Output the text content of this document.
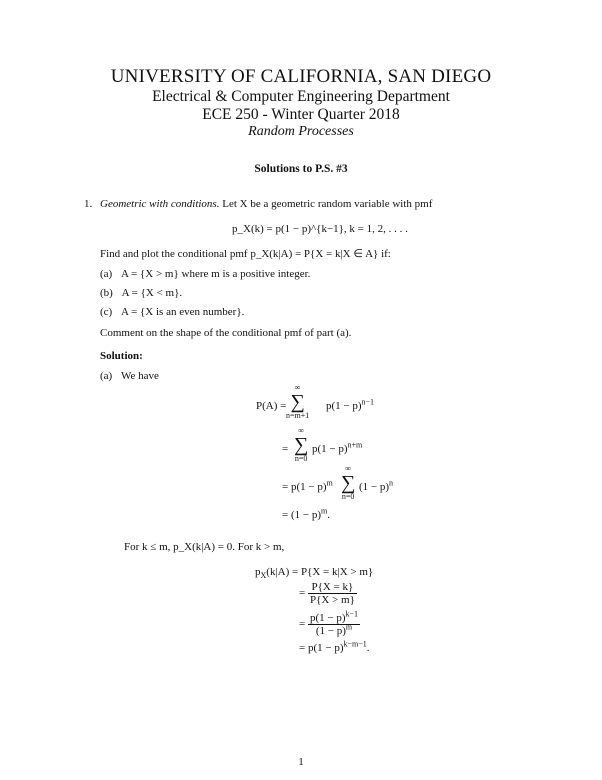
UNIVERSITY OF CALIFORNIA, SAN DIEGO
Electrical & Computer Engineering Department
ECE 250 - Winter Quarter 2018
Random Processes
Solutions to P.S. #3
1. Geometric with conditions. Let X be a geometric random variable with pmf
p_X(k) = p(1 − p)^{k−1}, k = 1, 2, . . . .
Find and plot the conditional pmf p_X(k|A) = P{X = k|X ∈ A} if:
(a) A = {X > m} where m is a positive integer.
(b) A = {X < m}.
(c) A = {X is an even number}.
Comment on the shape of the conditional pmf of part (a).
Solution:
(a) We have
P(A) =
∞
∑
n=m+1
$p(1 - p)^{n-1}$
=
∞
∑
n=0
$p(1 - p)^{n+m}$
= $p(1 - p)^m$
∞
∑
n=0
$(1 - p)^n$
= $(1 - p)^m$.
For k ≤ m, p_X(k|A) = 0. For k > m,
$p_X(k|A) = P\{X = k|X > m\}$
= $\frac{P\{X = k\}}{P\{X > m\}}$
= $\frac{p(1 - p)^{k-1}}{(1 - p)^m}$
= $p(1 - p)^{k-m-1}$.
1
